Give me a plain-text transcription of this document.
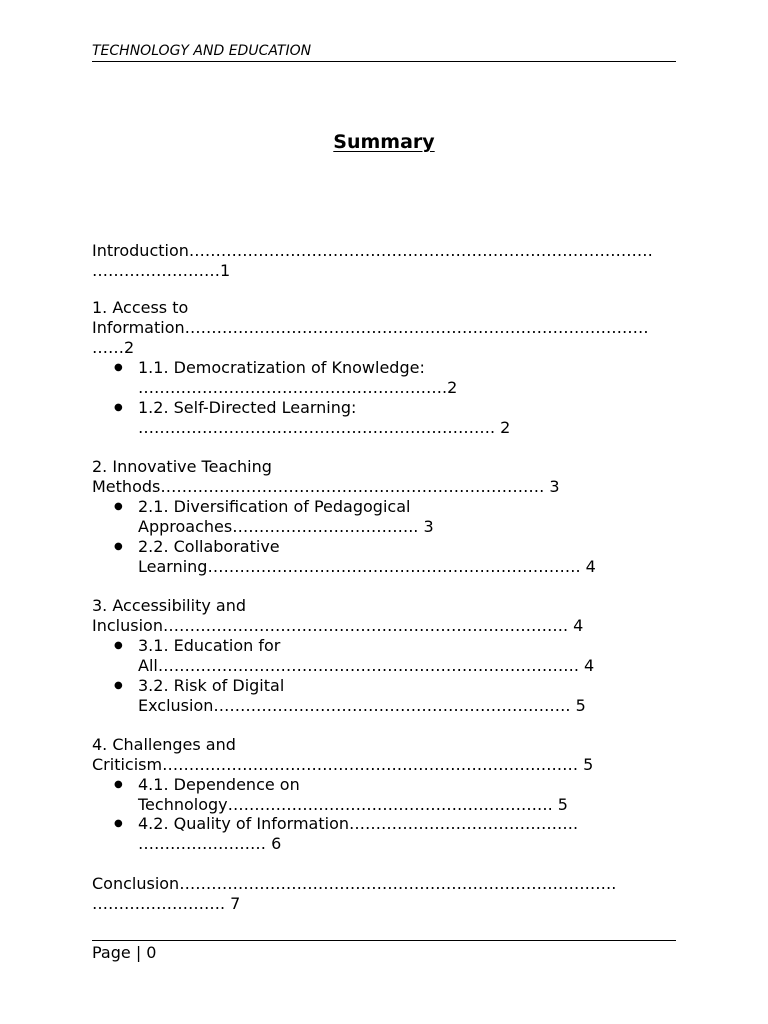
TECHNOLOGY AND EDUCATION
Summary
Introduction……………………………………………………………………………
……………………1
1. Access to
Information……………………………………………………………………………
……2
● 1.1. Democratization of Knowledge:
………………………………………………….2
● 1.2. Self-Directed Learning:
…………………………………………………………. 2
2. Innovative Teaching
Methods……………………………………………………………… 3
● 2.1. Diversification of Pedagogical
Approaches…………………………….. 3
● 2.2. Collaborative
Learning……………………………………………………………. 4
3. Accessibility and
Inclusion…………………………………………………………………. 4
● 3.1. Education for
All……………………………………………………………………. 4
● 3.2. Risk of Digital
Exclusion…………………………………………………………. 5
4. Challenges and
Criticism…………………………………………………………………… 5
● 4.1. Dependence on
Technology……………………………………………………. 5
● 4.2. Quality of Information…………………………………….
…………………… 6
Conclusion……………………………………………………………………….
……………………. 7
Page | 0
